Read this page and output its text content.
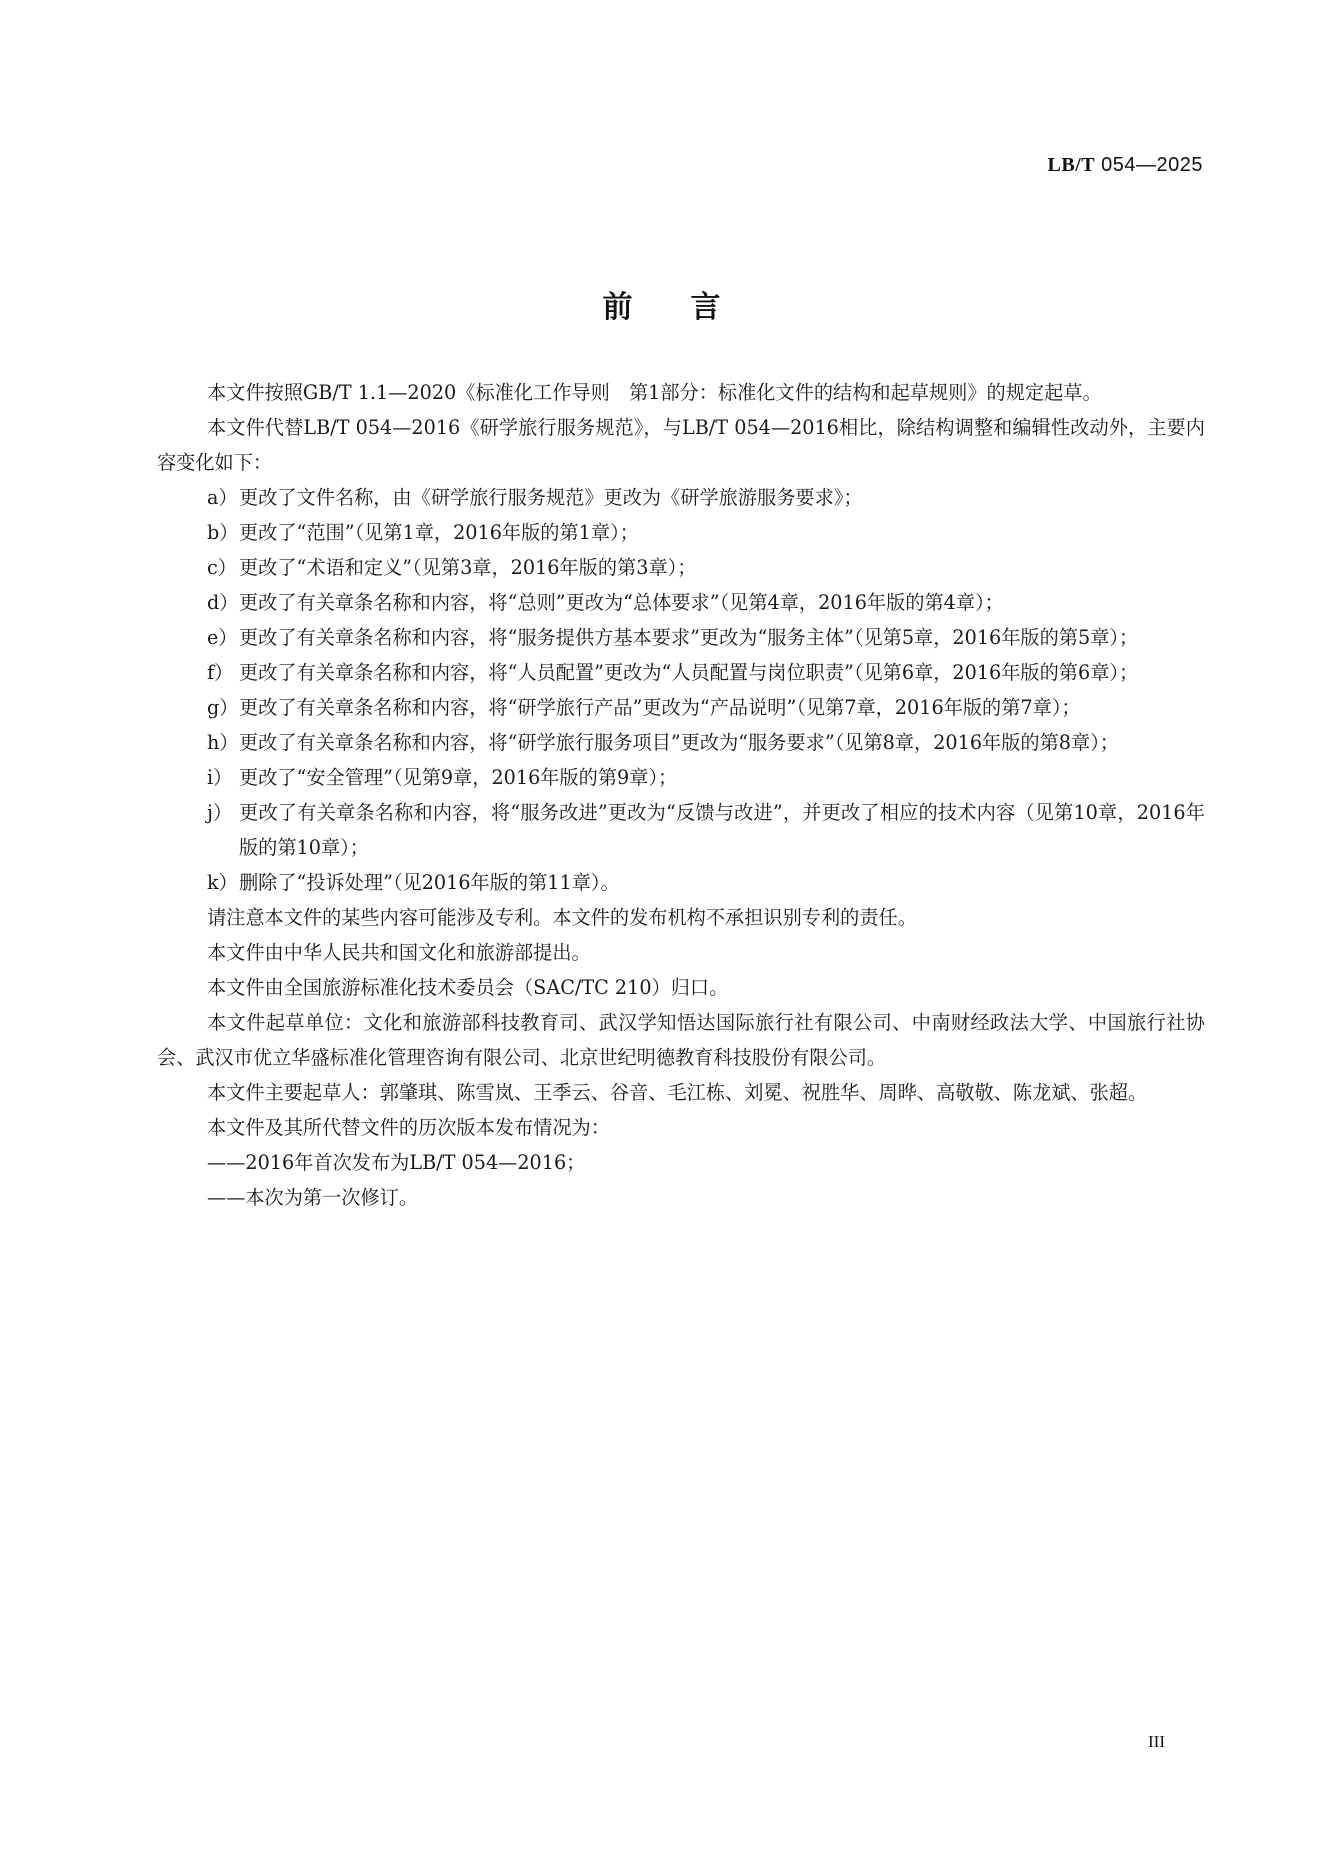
LB/T 054—2025
前言

本文件按照GB/T 1.1—2020《标准化工作导则　第1部分：标准化文件的结构和起草规则》的规定起草。

本文件代替LB/T 054—2016《研学旅行服务规范》，与LB/T 054—2016相比，除结构调整和编辑性改动外，主要内容变化如下：

a）更改了文件名称，由《研学旅行服务规范》更改为《研学旅游服务要求》；

b）更改了“范围”（见第1章，2016年版的第1章）；

c） 更改了“术语和定义”（见第3章，2016年版的第3章）；

d）更改了有关章条名称和内容，将“总则”更改为“总体要求”（见第4章，2016年版的第4章）；

e）更改了有关章条名称和内容，将“服务提供方基本要求”更改为“服务主体”（见第5章，2016年版的第5章）；

f） 更改了有关章条名称和内容，将“人员配置”更改为“人员配置与岗位职责”（见第6章，2016年版的第6章）；

g）更改了有关章条名称和内容，将“研学旅行产品”更改为“产品说明”（见第7章，2016年版的第7章）；

h）更改了有关章条名称和内容，将“研学旅行服务项目”更改为“服务要求”（见第8章，2016年版的第8章）；

i） 更改了“安全管理”（见第9章，2016年版的第9章）；

j） 更改了有关章条名称和内容，将“服务改进”更改为“反馈与改进”，并更改了相应的技术内容（见第10章，2016年版的第10章）；

k）删除了“投诉处理”（见2016年版的第11章）。

请注意本文件的某些内容可能涉及专利。本文件的发布机构不承担识别专利的责任。

本文件由中华人民共和国文化和旅游部提出。

本文件由全国旅游标准化技术委员会（SAC/TC 210）归口。

本文件起草单位：文化和旅游部科技教育司、武汉学知悟达国际旅行社有限公司、中南财经政法大学、中国旅行社协会、武汉市优立华盛标准化管理咨询有限公司、北京世纪明德教育科技股份有限公司。

本文件主要起草人：郭肇琪、陈雪岚、王季云、谷音、毛江栋、刘冕、祝胜华、周晔、高敬敬、陈龙斌、张超。

本文件及其所代替文件的历次版本发布情况为：

——2016年首次发布为LB/T 054—2016；

——本次为第一次修订。

III
